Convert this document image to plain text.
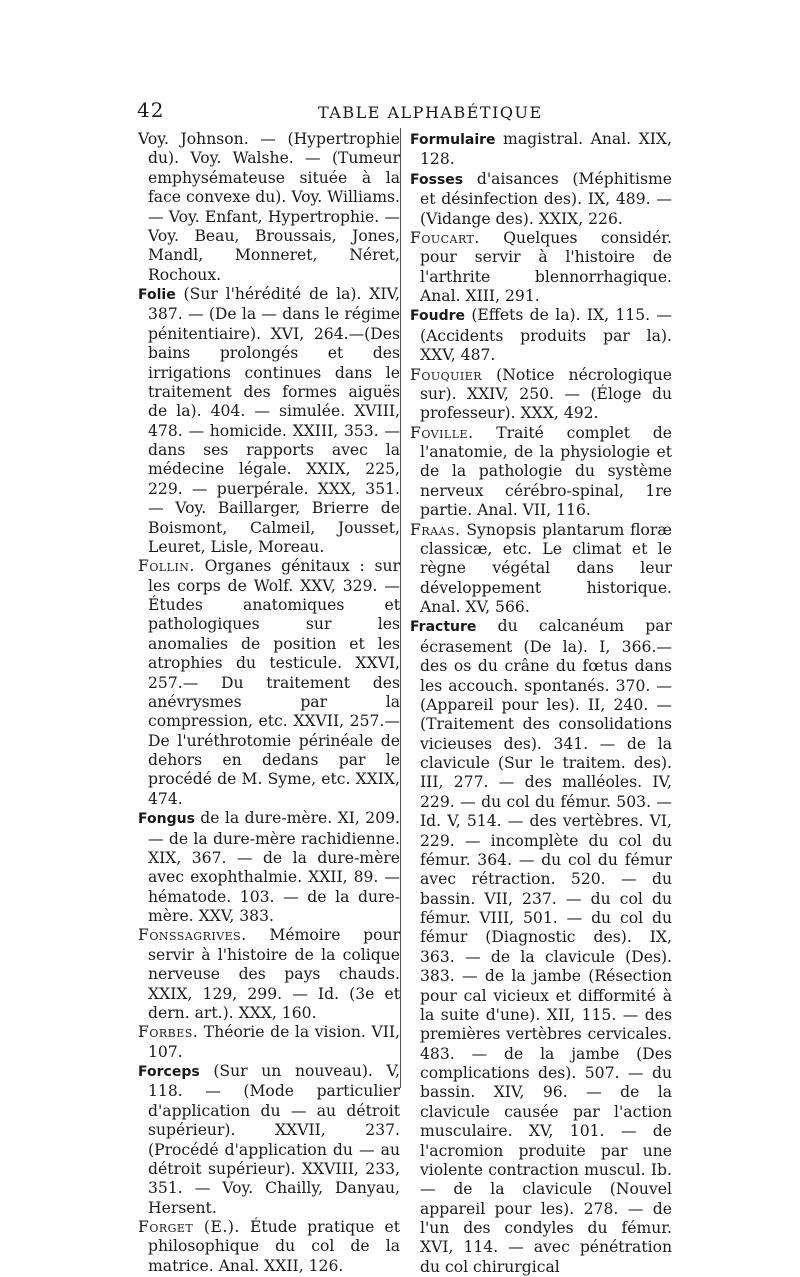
42	TABLE ALPHABÉTIQUE

Voy. Johnson. — (Hypertrophie du). Voy. Walshe. — (Tumeur emphysémateuse située à la face convexe du). Voy. Williams. — Voy. Enfant, Hypertrophie. — Voy. Beau, Broussais, Jones, Mandl, Monneret, Néret, Rochoux.

Folie (Sur l'hérédité de la). XIV, 387. — (De la — dans le régime pénitentiaire). XVI, 264.—(Des bains prolongés et des irrigations continues dans le traitement des formes aiguës de la). 404. — simulée. XVIII, 478. — homicide. XXIII, 353. — dans ses rapports avec la médecine légale. XXIX, 225, 229. — puerpérale. XXX, 351. — Voy. Baillarger, Brierre de Boismont, Calmeil, Jousset, Leuret, Lisle, Moreau.

Follin. Organes génitaux : sur les corps de Wolf. XXV, 329. — Études anatomiques et pathologiques sur les anomalies de position et les atrophies du testicule. XXVI, 257.— Du traitement des anévrysmes par la compression, etc. XXVII, 257.— De l'uréthrotomie périnéale de dehors en dedans par le procédé de M. Syme, etc. XXIX, 474.

Fongus de la dure-mère. XI, 209.— de la dure-mère rachidienne. XIX, 367. — de la dure-mère avec exophthalmie. XXII, 89. — hématode. 103. — de la dure-mère. XXV, 383.

Fonssagrives. Mémoire pour servir à l'histoire de la colique nerveuse des pays chauds. XXIX, 129, 299. — Id. (3e et dern. art.). XXX, 160.

Forbes. Théorie de la vision. VII, 107.

Forceps (Sur un nouveau). V, 118. — (Mode particulier d'application du — au détroit supérieur). XXVII, 237. (Procédé d'application du — au détroit supérieur). XXVIII, 233, 351. — Voy. Chailly, Danyau, Hersent.

Forget (E.). Étude pratique et philosophique du col de la matrice. Anal. XXII, 126.

Formulaire magistral. Anal. XIX, 128.

Fosses d'aisances (Méphitisme et désinfection des). IX, 489. — (Vidange des). XXIX, 226.

Foucart. Quelques considér. pour servir à l'histoire de l'arthrite blennorrhagique. Anal. XIII, 291.

Foudre (Effets de la). IX, 115. — (Accidents produits par la). XXV, 487.

Fouquier (Notice nécrologique sur). XXIV, 250. — (Éloge du professeur). XXX, 492.

Foville. Traité complet de l'anatomie, de la physiologie et de la pathologie du système nerveux cérébro-spinal, 1re partie. Anal. VII, 116.

Fraas. Synopsis plantarum floræ classicæ, etc. Le climat et le règne végétal dans leur développement historique. Anal. XV, 566.

Fracture du calcanéum par écrasement (De la). I, 366.—des os du crâne du fœtus dans les accouch. spontanés. 370. — (Appareil pour les). II, 240. — (Traitement des consolidations vicieuses des). 341. — de la clavicule (Sur le traitem. des). III, 277. — des malléoles. IV, 229. — du col du fémur. 503. — Id. V, 514. — des vertèbres. VI, 229. — incomplète du col du fémur. 364. — du col du fémur avec rétraction. 520. — du bassin. VII, 237. — du col du fémur. VIII, 501. — du col du fémur (Diagnostic des). IX, 363. — de la clavicule (Des). 383. — de la jambe (Résection pour cal vicieux et difformité à la suite d'une). XII, 115. — des premières vertèbres cervicales. 483. — de la jambe (Des complications des). 507. — du bassin. XIV, 96. — de la clavicule causée par l'action musculaire. XV, 101. — de l'acromion produite par une violente contraction muscul. Ib. — de la clavicule (Nouvel appareil pour les). 278. — de l'un des condyles du fémur. XVI, 114. — avec pénétration du col chirurgical
